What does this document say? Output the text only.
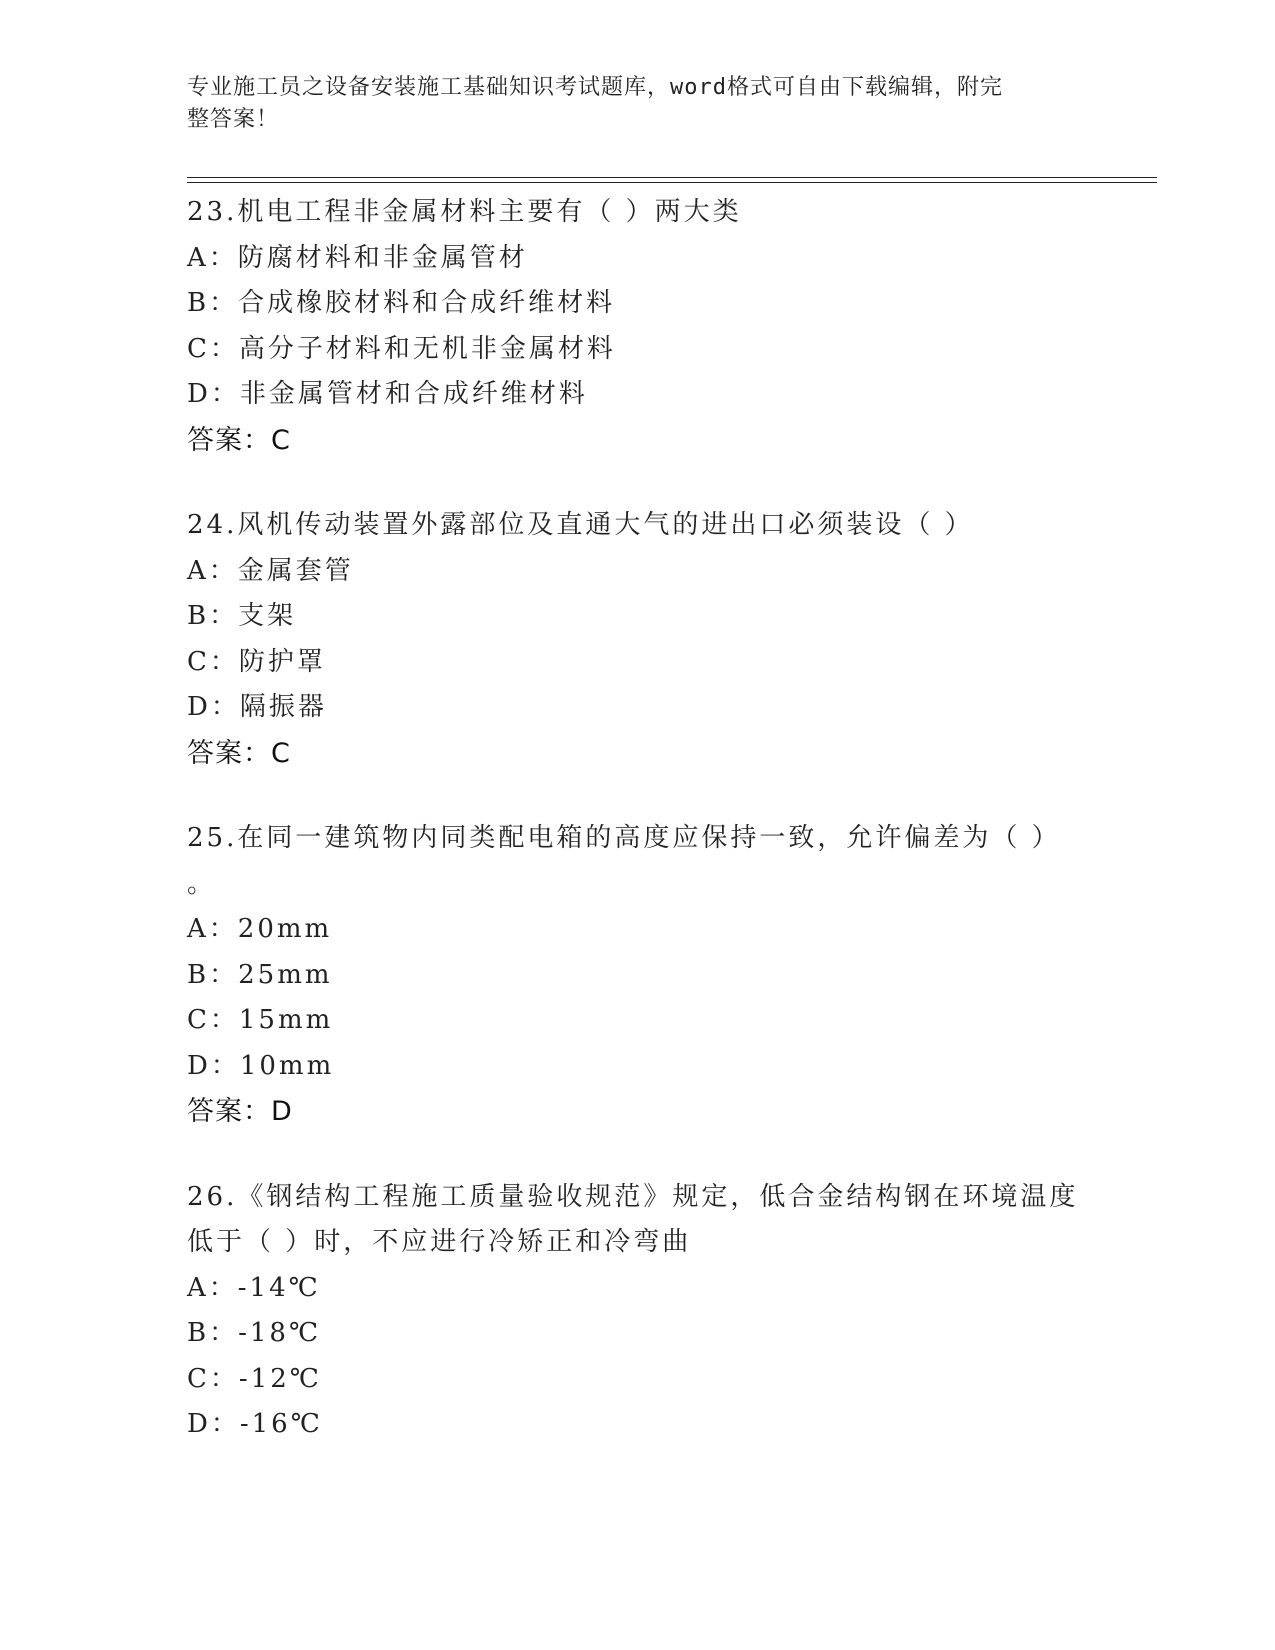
专业施工员之设备安装施工基础知识考试题库，word格式可自由下载编辑，附完
整答案！
23.机电工程非金属材料主要有（ ）两大类
A：防腐材料和非金属管材
B：合成橡胶材料和合成纤维材料
C：高分子材料和无机非金属材料
D：非金属管材和合成纤维材料
答案：C
24.风机传动装置外露部位及直通大气的进出口必须装设（ ）
A：金属套管
B：支架
C：防护罩
D：隔振器
答案：C
25.在同一建筑物内同类配电箱的高度应保持一致，允许偏差为（ ）
。
A：20mm
B：25mm
C：15mm
D：10mm
答案：D
26.《钢结构工程施工质量验收规范》规定，低合金结构钢在环境温度
低于（ ）时，不应进行冷矫正和冷弯曲
A：-14℃
B：-18℃
C：-12℃
D：-16℃
